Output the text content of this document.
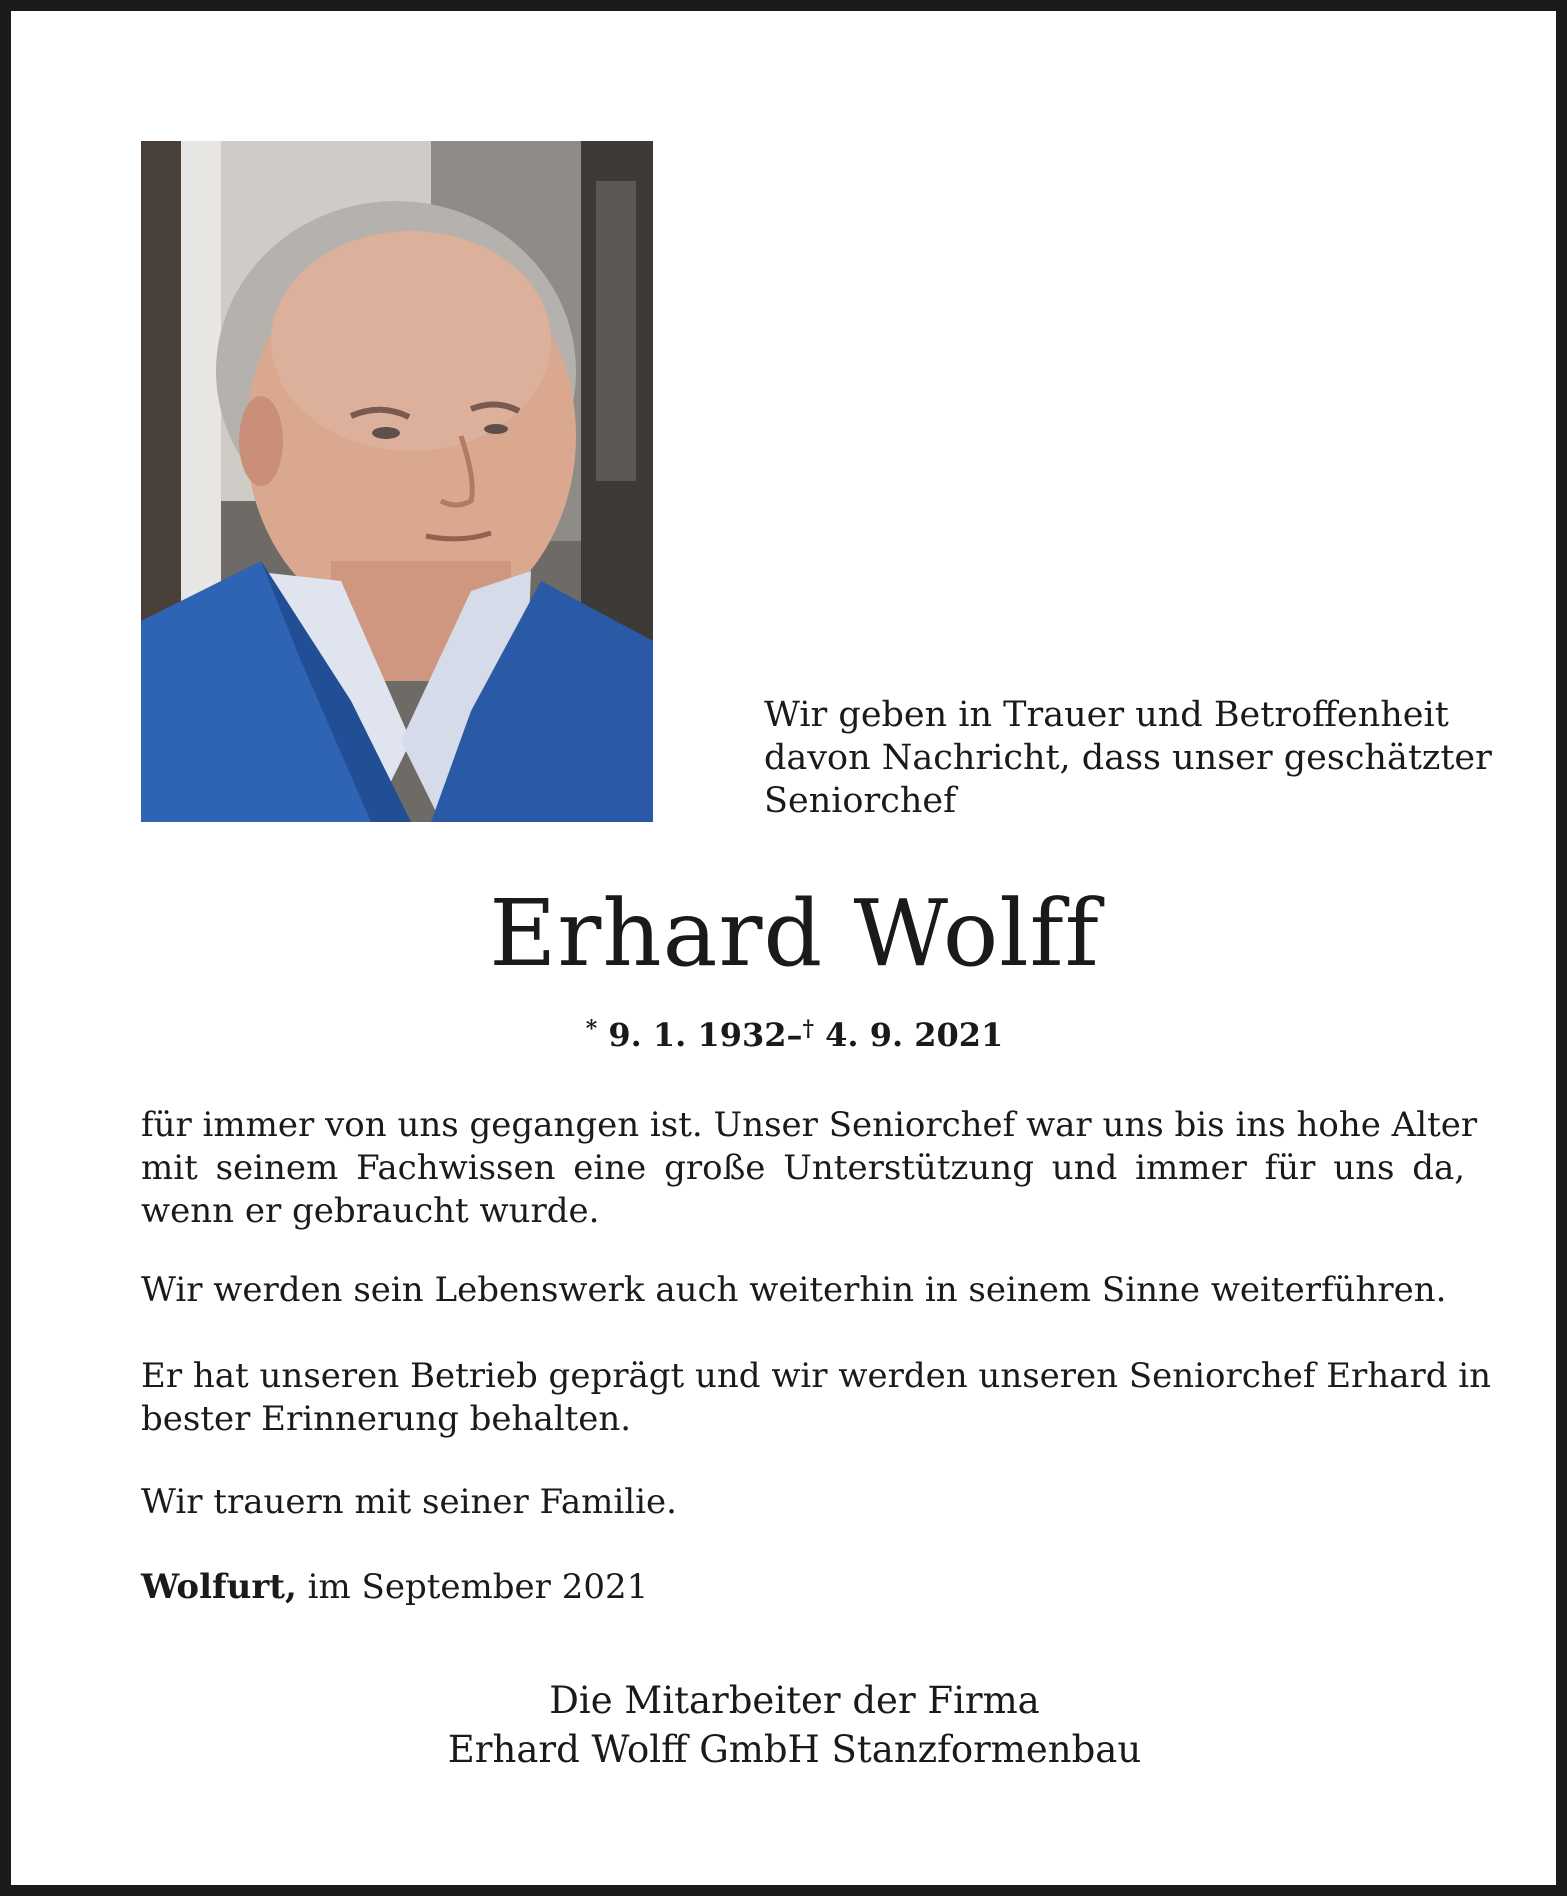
Wir geben in Trauer und Betroffenheit
davon Nachricht, dass unser geschätzter
Seniorchef

Erhard Wolff
* 9. 1. 1932–† 4. 9. 2021

für immer von uns gegangen ist. Unser Seniorchef war uns bis ins hohe Alter
mit seinem Fachwissen eine große Unterstützung und immer für uns da,
wenn er gebraucht wurde.

Wir werden sein Lebenswerk auch weiterhin in seinem Sinne weiterführen.

Er hat unseren Betrieb geprägt und wir werden unseren Seniorchef Erhard in
bester Erinnerung behalten.

Wir trauern mit seiner Familie.

Wolfurt, im September 2021

Die Mitarbeiter der Firma
Erhard Wolff GmbH Stanzformenbau
